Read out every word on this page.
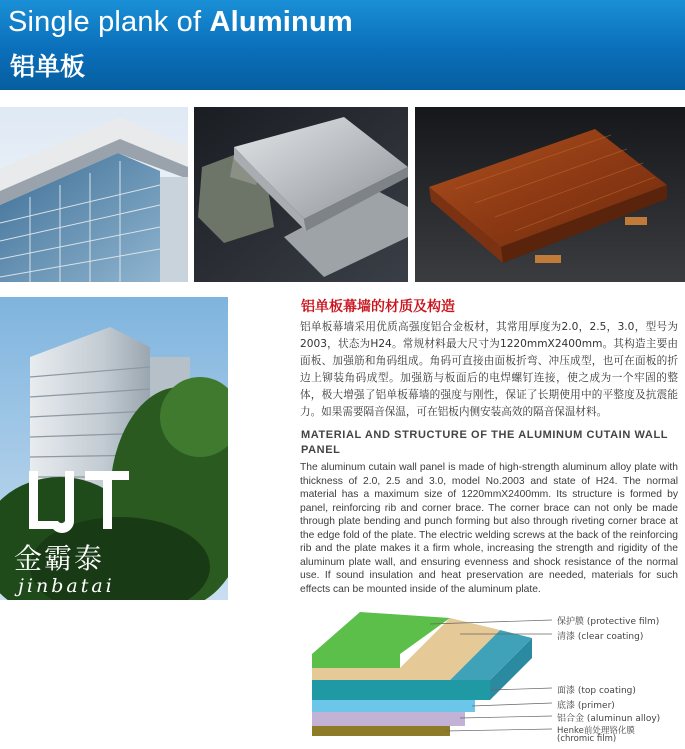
Single plank of Aluminum
铝单板
金霸泰
jinbatai
铝单板幕墙的材质及构造
铝单板幕墙采用优质高强度铝合金板材，其常用厚度为2.0，2.5，3.0，型号为2003，状态为H24。常规材料最大尺寸为1220mmX2400mm。其构造主要由面板、加强筋和角码组成。角码可直接由面板折弯、冲压成型，也可在面板的折边上铆装角码成型。加强筋与板面后的电焊螺钉连接，使之成为一个牢固的整体，极大增强了铝单板幕墙的强度与刚性，保证了长期使用中的平整度及抗震能力。如果需要隔音保温，可在铝板内侧安装高效的隔音保温材料。
MATERIAL AND STRUCTURE OF THE ALUMINUM CUTAIN WALL PANEL
The aluminum cutain wall panel is made of high-strength aluminum alloy plate with thickness of 2.0, 2.5 and 3.0, model No.2003 and state of H24. The normal material has a maximum size of 1220mmX2400mm. Its structure is formed by panel, reinforcing rib and corner brace. The corner brace can not only be made through plate bending and punch forming but also through riveting corner brace at the edge fold of the plate. The electric welding screws at the back of the reinforcing rib and the plate makes it a firm whole, increasing the strength and rigidity of the aluminum plate wall, and ensuring evenness and shock resistance of the normal use. If sound insulation and heat preservation are needed, materials for such effects can be mounted inside of the aluminum plate.
保护膜 (protective film)
清漆 (clear coating)
面漆 (top coating)
底漆 (primer)
铝合金 (aluminun alloy)
Henke前处理铬化膜
(chromic film)
